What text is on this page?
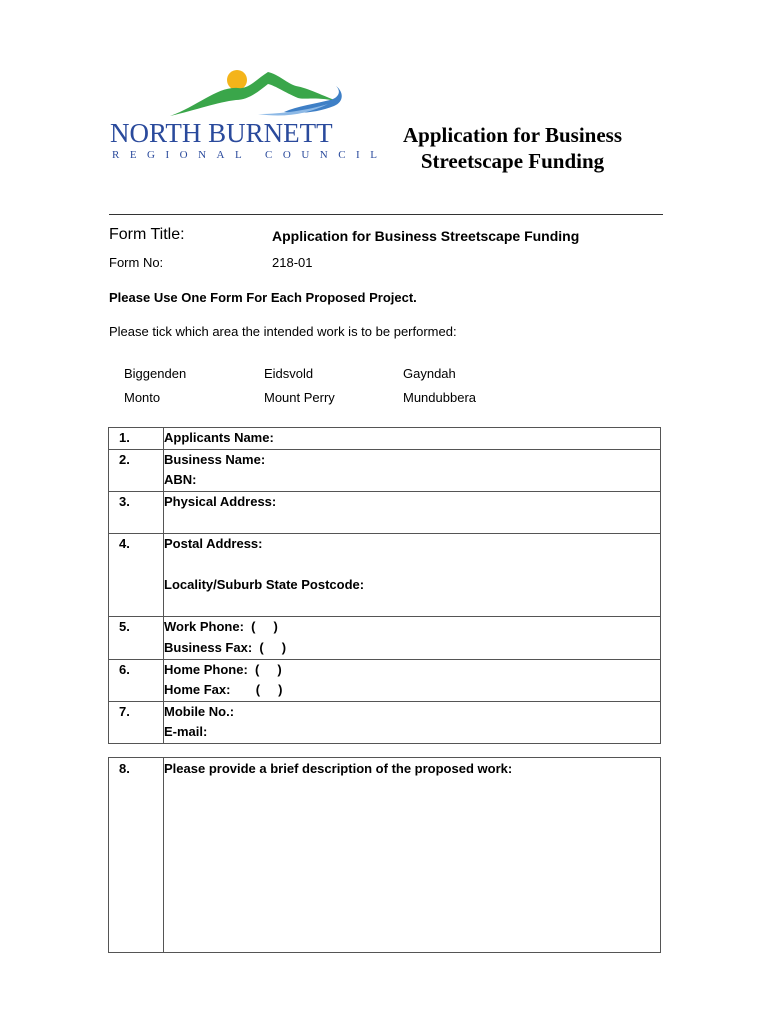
NORTH BURNETT
REGIONAL COUNCIL
Application for Business
Streetscape Funding
Form Title:	Application for Business Streetscape Funding
Form No:	218-01
Please Use One Form For Each Proposed Project.
Please tick which area the intended work is to be performed:
Biggenden	Eidsvold	Gayndah
Monto	Mount Perry	Mundubbera
1.	Applicants Name:

2.	Business Name:
ABN:

3.	Physical Address:

4.	Postal Address:
Locality/Suburb State Postcode:

5.	Work Phone:  (     )
Business Fax:  (     )

6.	Home Phone:  (     )
Home Fax:       (     )

7.	Mobile No.:
E-mail:
8.	Please provide a brief description of the proposed work:
